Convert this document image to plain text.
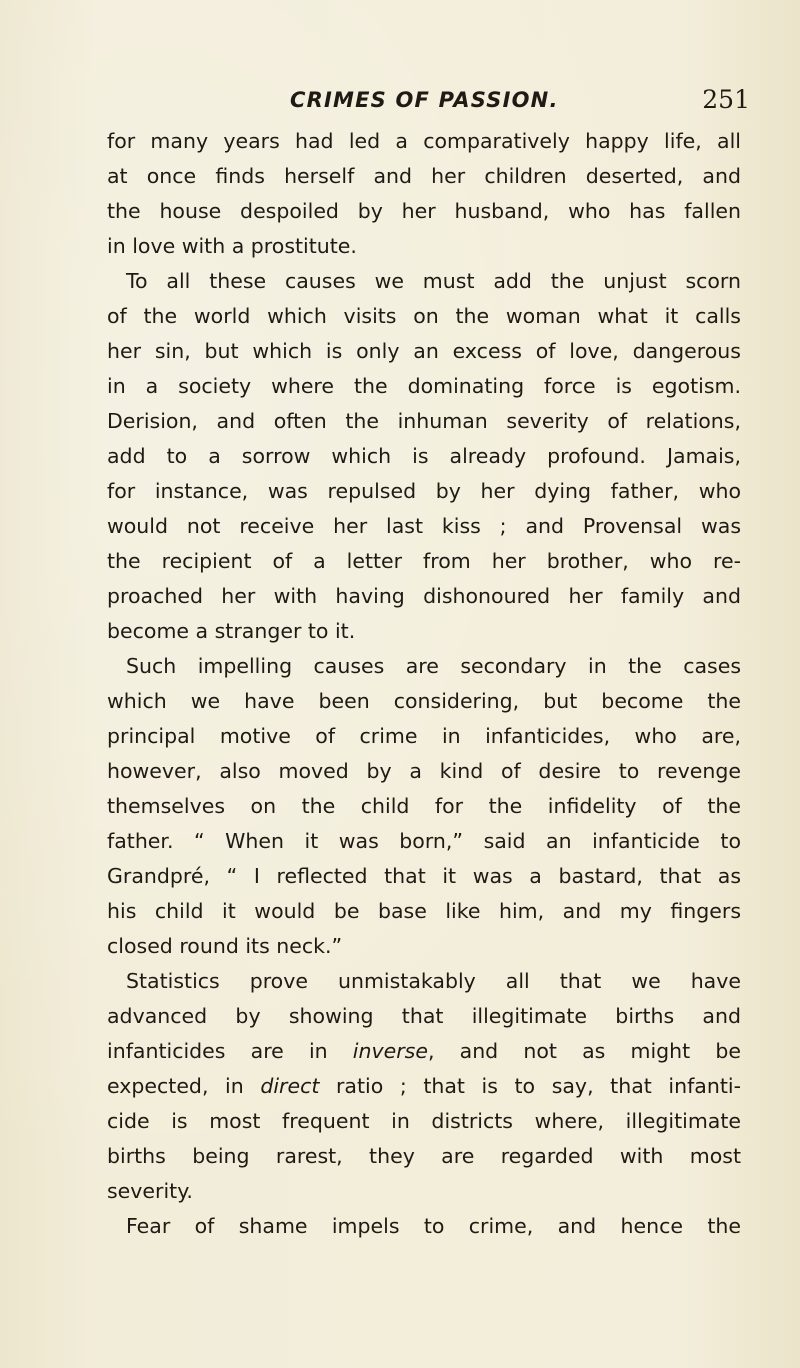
CRIMES OF PASSION.	251
for many years had led a comparatively happy life, all
at once finds herself and her children deserted, and
the house despoiled by her husband, who has fallen
in love with a prostitute.
To all these causes we must add the unjust scorn
of the world which visits on the woman what it calls
her sin, but which is only an excess of love, dangerous
in a society where the dominating force is egotism.
Derision, and often the inhuman severity of relations,
add to a sorrow which is already profound. Jamais,
for instance, was repulsed by her dying father, who
would not receive her last kiss ; and Provensal was
the recipient of a letter from her brother, who re-
proached her with having dishonoured her family and
become a stranger to it.
Such impelling causes are secondary in the cases
which we have been considering, but become the
principal motive of crime in infanticides, who are,
however, also moved by a kind of desire to revenge
themselves on the child for the infidelity of the
father. “ When it was born,” said an infanticide to
Grandpré, “ I reflected that it was a bastard, that as
his child it would be base like him, and my fingers
closed round its neck.”
Statistics prove unmistakably all that we have
advanced by showing that illegitimate births and
infanticides are in inverse, and not as might be
expected, in direct ratio ; that is to say, that infanti-
cide is most frequent in districts where, illegitimate
births being rarest, they are regarded with most
severity.
Fear of shame impels to crime, and hence the
